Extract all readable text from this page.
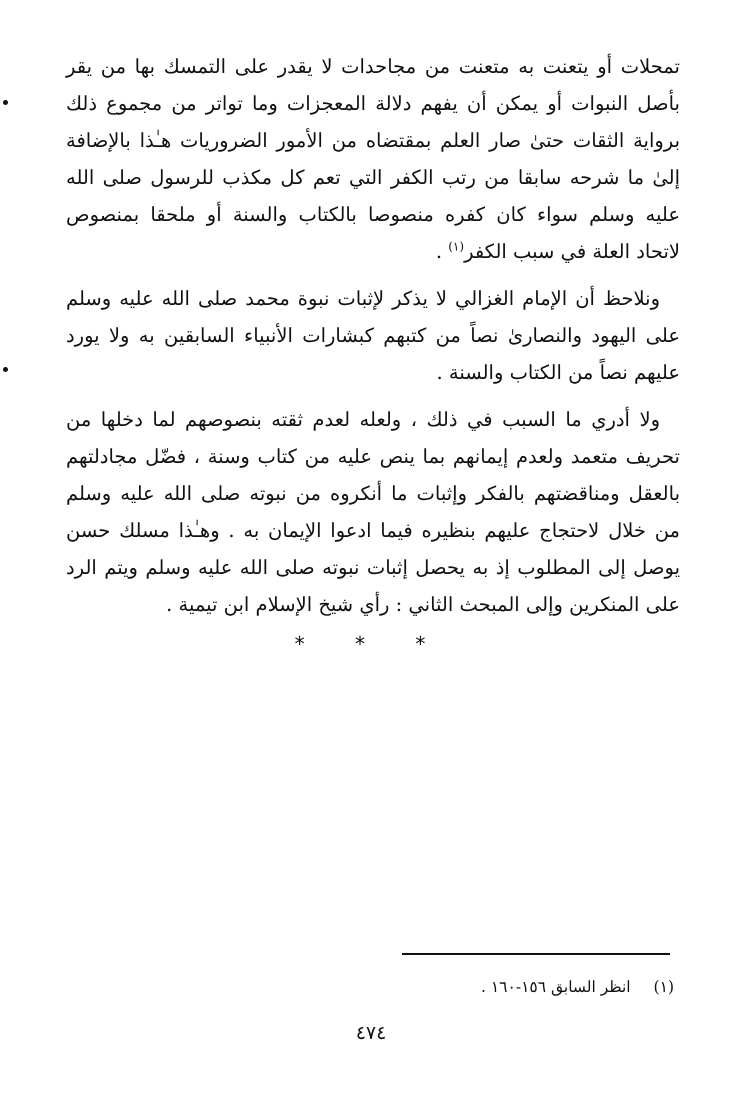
تمحلات أو يتعنت به متعنت من مجاحدات لا يقدر على التمسك بها من يقر بأصل النبوات أو يمكن أن يفهم دلالة المعجزات وما تواتر من مجموع ذلك برواية الثقات حتىٰ صار العلم بمقتضاه من الأمور الضروريات هـٰذا بالإضافة إلىٰ ما شرحه سابقا من رتب الكفر التي تعم كل مكذب للرسول صلى الله عليه وسلم سواء كان كفره منصوصا بالكتاب والسنة أو ملحقا بمنصوص لاتحاد العلة في سبب الكفر$^{(١)}$ .

ونلاحظ أن الإمام الغزالي لا يذكر لإثبات نبوة محمد صلى الله عليه وسلم على اليهود والنصارىٰ نصاً من كتبهم كبشارات الأنبياء السابقين به ولا يورد عليهم نصاً من الكتاب والسنة .

ولا أدري ما السبب في ذلك ، ولعله لعدم ثقته بنصوصهم لما دخلها من تحريف متعمد ولعدم إيمانهم بما ينص عليه من كتاب وسنة ، فضّل مجادلتهم بالعقل ومناقضتهم بالفكر وإثبات ما أنكروه من نبوته صلى الله عليه وسلم من خلال لاحتجاج عليهم بنظيره فيما ادعوا الإيمان به . وهـٰذا مسلك حسن يوصل إلى المطلوب إذ به يحصل إثبات نبوته صلى الله عليه وسلم ويتم الرد على المنكرين وإلى المبحث الثاني : رأي شيخ الإسلام ابن تيمية .

* * *
(١) انظر السابق ١٥٦-١٦٠ .
٤٧٤
